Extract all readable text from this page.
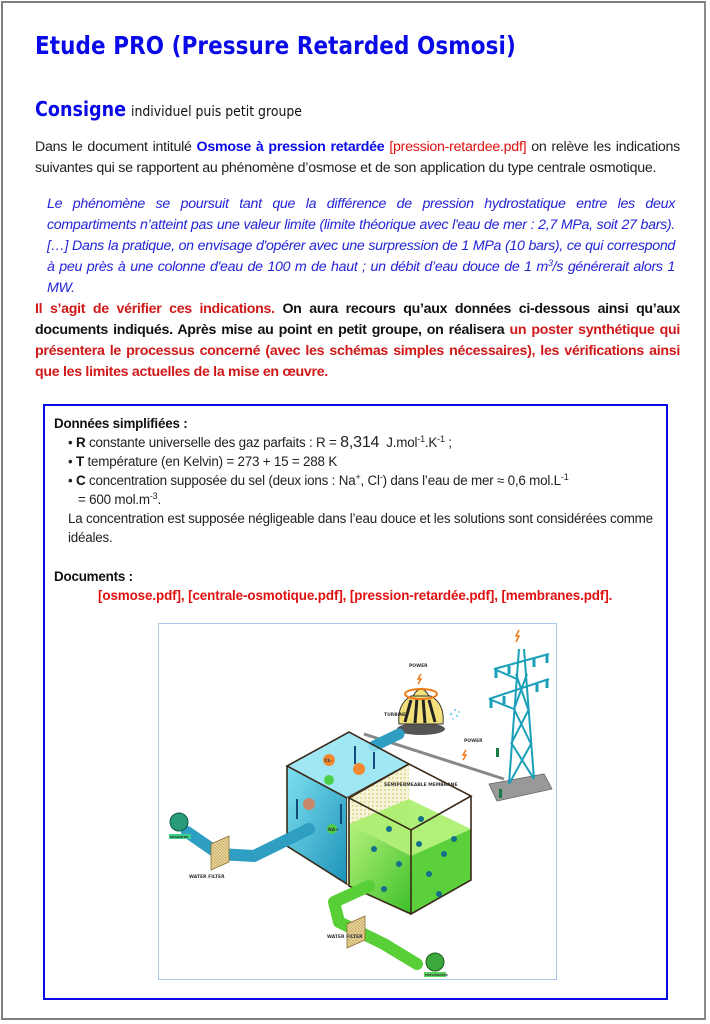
Etude PRO (Pressure Retarded Osmosi)
Consigne individuel puis petit groupe
Dans le document intitulé Osmose à pression retardée [pression-retardee.pdf] on relève les indications suivantes qui se rapportent au phénomène d’osmose et de son application du type centrale osmotique.
Le phénomène se poursuit tant que la différence de pression hydrostatique entre les deux compartiments n’atteint pas une valeur limite (limite théorique avec l'eau de mer : 2,7 MPa, soit 27 bars). […] Dans la pratique, on envisage d'opérer avec une surpression de 1 MPa (10 bars), ce qui correspond à peu près à une colonne d'eau de 100 m de haut ; un débit d’eau douce de 1 $m^3/s$ générerait alors 1 MW.
Il s’agit de vérifier ces indications. On aura recours qu’aux données ci-dessous ainsi qu’aux documents indiqués. Après mise au point en petit groupe, on réalisera un poster synthétique qui présentera le processus concerné (avec les schémas simples nécessaires), les vérifications ainsi que les limites actuelles de la mise en œuvre.
Données simplifiées :
• R constante universelle des gaz parfaits : R = 8,314  $J.mol^{-1}.K^{-1}$ ;
• T température (en Kelvin) = 273 + 15 = 288 K
• C concentration supposée du sel (deux ions : Na+, Cl-) dans l’eau de mer ≈ 0,6 $mol.L^{-1}$
= 600 $mol.m^{-3}$.
La concentration est supposée négligeable dans l’eau douce et les solutions sont considérées comme idéales.
Documents :
[osmose.pdf], [centrale-osmotique.pdf], [pression-retardée.pdf], [membranes.pdf].
POWER
POWER
TURBINE
CL-
NA+
SEMIPERMEABLE MEMBRANE
WATER FILTER
SEAWATER
WATER FILTER
FRESHWATER
